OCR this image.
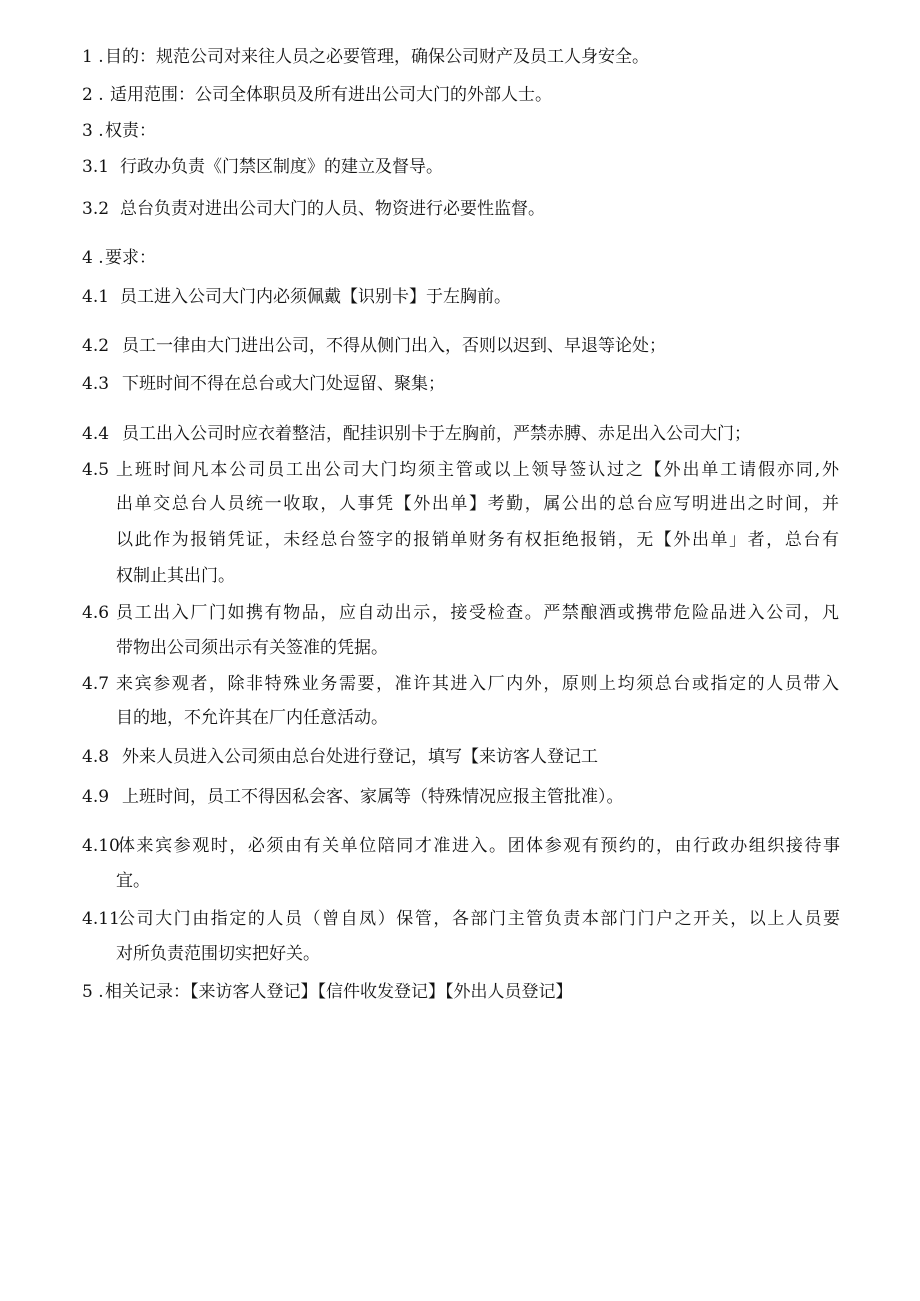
1 . 目的：规范公司对来往人员之必要管理，确保公司财产及员工人身安全。
2 . 适用范围：公司全体职员及所有进出公司大门的外部人士。
3 . 权责：
3.1 行政办负责《门禁区制度》的建立及督导。
3.2 总台负责对进出公司大门的人员、物资进行必要性监督。
4 . 要求：
4.1 员工进入公司大门内必须佩戴【识别卡】于左胸前。
4.2 员工一律由大门进出公司，不得从侧门出入，否则以迟到、早退等论处；
4.3 下班时间不得在总台或大门处逗留、聚集；
4.4 员工出入公司时应衣着整洁，配挂识别卡于左胸前，严禁赤膊、赤足出入公司大门；
4.5 上班时间凡本公司员工出公司大门均须主管或以上领导签认过之【外出单工请假亦同,外
出单交总台人员统一收取，人事凭【外出单】考勤，属公出的总台应写明进出之时间，并
以此作为报销凭证，未经总台签字的报销单财务有权拒绝报销，无【外出单」者，总台有
权制止其出门。
4.6 员工出入厂门如携有物品，应自动出示，接受检查。严禁酿酒或携带危险品进入公司，凡
带物出公司须出示有关签准的凭据。
4.7 来宾参观者，除非特殊业务需要，准许其进入厂内外，原则上均须总台或指定的人员带入
目的地，不允许其在厂内任意活动。
4.8 外来人员进入公司须由总台处进行登记，填写【来访客人登记工
4.9 上班时间，员工不得因私会客、家属等（特殊情况应报主管批准）。
4.10
体来宾参观时，必须由有关单位陪同才准进入。团体参观有预约的，由行政办组织接待事
宜。
4.11
公司大门由指定的人员（曾自凤）保管，各部门主管负责本部门门户之开关，以上人员要
对所负责范围切实把好关。
5 . 相关记录：【来访客人登记】【信件收发登记】【外出人员登记】
